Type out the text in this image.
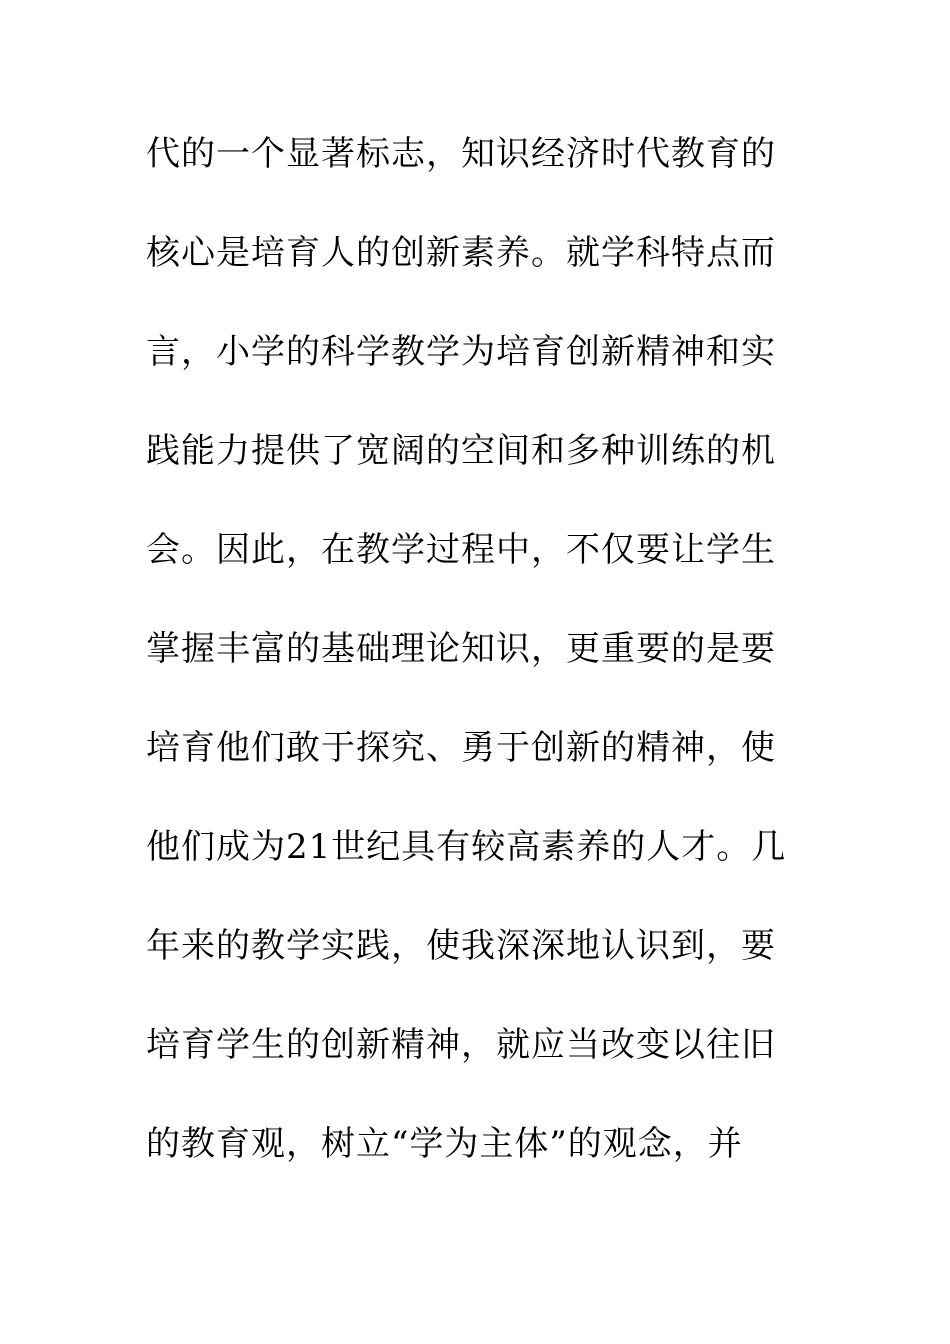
代的一个显著标志，知识经济时代教育的
核心是培育人的创新素养。就学科特点而
言，小学的科学教学为培育创新精神和实
践能力提供了宽阔的空间和多种训练的机
会。因此，在教学过程中，不仅要让学生
掌握丰富的基础理论知识，更重要的是要
培育他们敢于探究、勇于创新的精神，使
他们成为21世纪具有较高素养的人才。几
年来的教学实践，使我深深地认识到，要
培育学生的创新精神，就应当改变以往旧
的教育观，树立“学为主体”的观念，并
